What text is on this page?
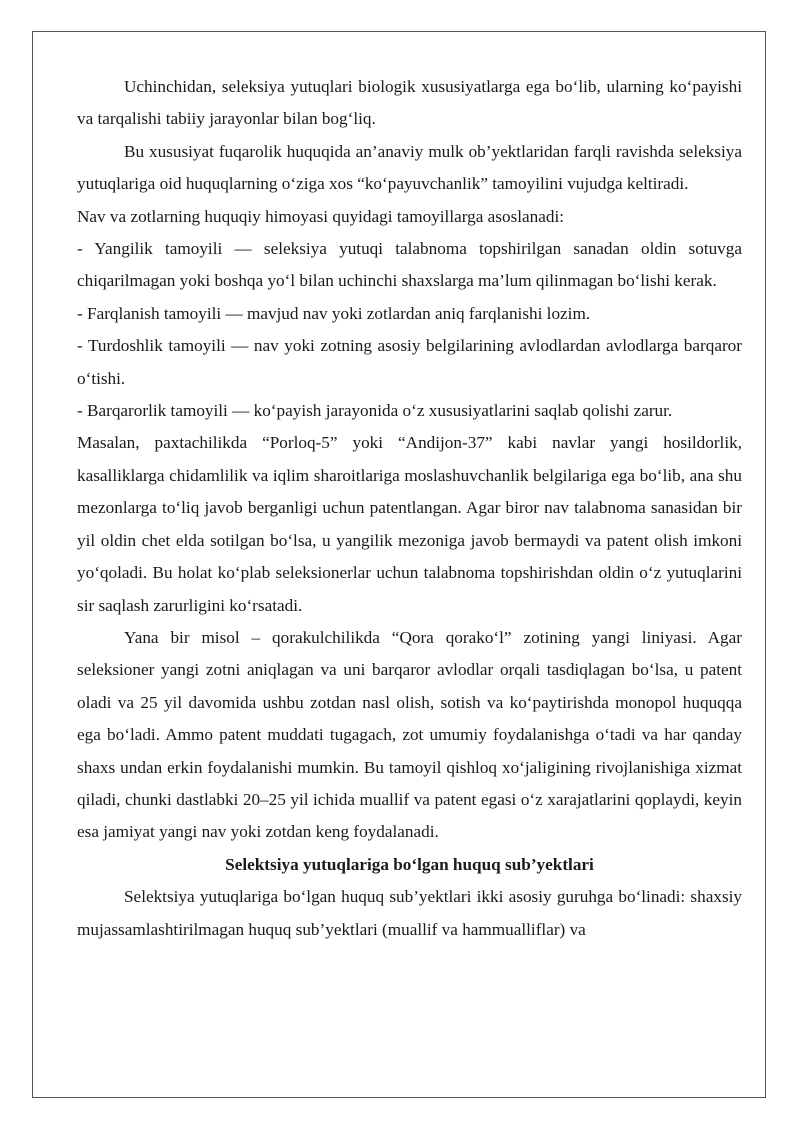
Uchinchidan, seleksiya yutuqlari biologik xususiyatlarga ega bo‘lib, ularning ko‘payishi va tarqalishi tabiiy jarayonlar bilan bog‘liq.

Bu xususiyat fuqarolik huquqida an’anaviy mulk ob’yektlaridan farqli ravishda seleksiya yutuqlariga oid huquqlarning o‘ziga xos “ko‘payuvchanlik” tamoyilini vujudga keltiradi.

Nav va zotlarning huquqiy himoyasi quyidagi tamoyillarga asoslanadi:

- Yangilik tamoyili — seleksiya yutuqi talabnoma topshirilgan sanadan oldin sotuvga chiqarilmagan yoki boshqa yo‘l bilan uchinchi shaxslarga ma’lum qilinmagan bo‘lishi kerak.

- Farqlanish tamoyili — mavjud nav yoki zotlardan aniq farqlanishi lozim.

- Turdoshlik tamoyili — nav yoki zotning asosiy belgilarining avlodlardan avlodlarga barqaror o‘tishi.

- Barqarorlik tamoyili — ko‘payish jarayonida o‘z xususiyatlarini saqlab qolishi zarur.

Masalan, paxtachilikda “Porloq-5” yoki “Andijon-37” kabi navlar yangi hosildorlik, kasalliklarga chidamlilik va iqlim sharoitlariga moslashuvchanlik belgilariga ega bo‘lib, ana shu mezonlarga to‘liq javob berganligi uchun patentlangan. Agar biror nav talabnoma sanasidan bir yil oldin chet elda sotilgan bo‘lsa, u yangilik mezoniga javob bermaydi va patent olish imkoni yo‘qoladi. Bu holat ko‘plab seleksionerlar uchun talabnoma topshirishdan oldin o‘z yutuqlarini sir saqlash zarurligini ko‘rsatadi.

Yana bir misol – qorakulchilikda “Qora qorako‘l” zotining yangi liniyasi. Agar seleksioner yangi zotni aniqlagan va uni barqaror avlodlar orqali tasdiqlagan bo‘lsa, u patent oladi va 25 yil davomida ushbu zotdan nasl olish, sotish va ko‘paytirishda monopol huquqqa ega bo‘ladi. Ammo patent muddati tugagach, zot umumiy foydalanishga o‘tadi va har qanday shaxs undan erkin foydalanishi mumkin. Bu tamoyil qishloq xo‘jaligining rivojlanishiga xizmat qiladi, chunki dastlabki 20–25 yil ichida muallif va patent egasi o‘z xarajatlarini qoplaydi, keyin esa jamiyat yangi nav yoki zotdan keng foydalanadi.

Selektsiya yutuqlariga bo‘lgan huquq sub’yektlari

Selektsiya yutuqlariga bo‘lgan huquq sub’yektlari ikki asosiy guruhga bo‘linadi: shaxsiy mujassamlashtirilmagan huquq sub’yektlari (muallif va hammualliflar) va
